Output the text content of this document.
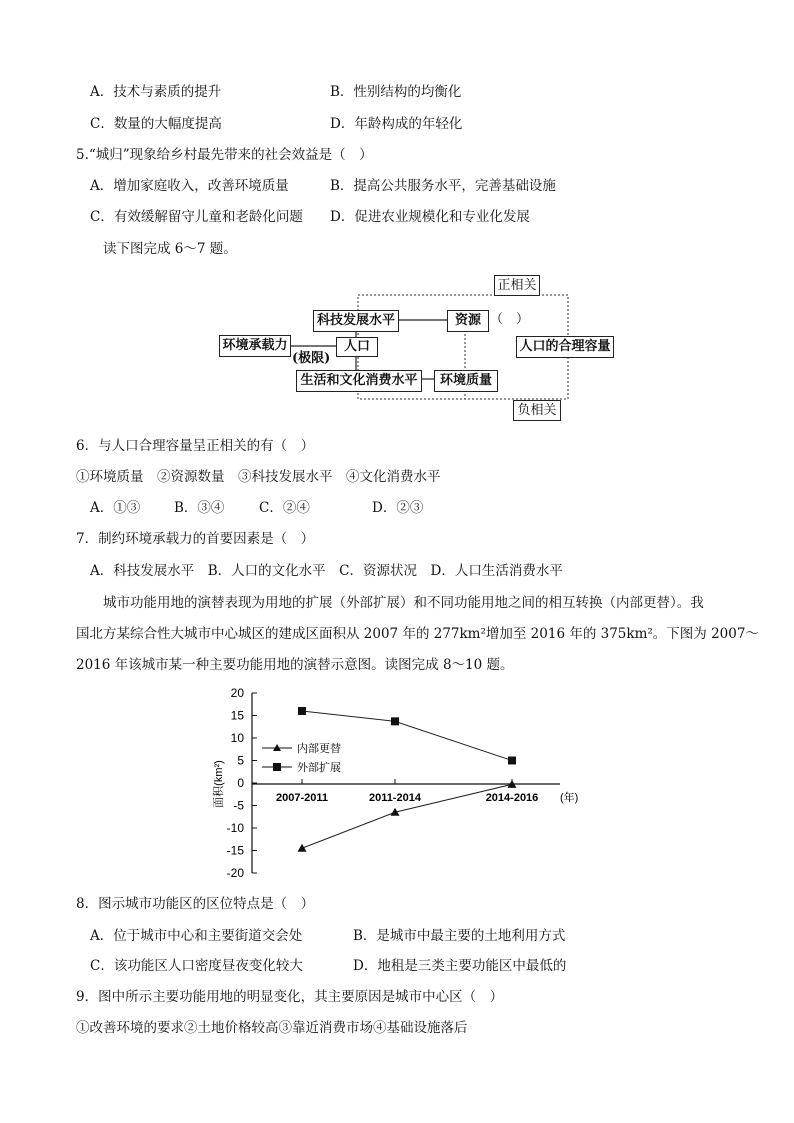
A．技术与素质的提升	B．性别结构的均衡化
C．数量的大幅度提高	D．年龄构成的年轻化
5.“城归”现象给乡村最先带来的社会效益是（　）
A．增加家庭收入，改善环境质量	B．提高公共服务水平，完善基础设施
C．有效缓解留守儿童和老龄化问题 D．促进农业规模化和专业化发展
读下图完成 6～7 题。
正相关
科技发展水平	资源 （　）
环境承载力	人口
(极限)
人口的合理容量
生活和文化消费水平	环境质量
负相关
6．与人口合理容量呈正相关的有（　）
①环境质量　②资源数量　③科技发展水平　④文化消费水平
A．①③	B．③④	C．②④	D．②③
7．制约环境承载力的首要因素是（　）
A．科技发展水平　B．人口的文化水平　C．资源状况　D．人口生活消费水平
城市功能用地的演替表现为用地的扩展（外部扩展）和不同功能用地之间的相互转换（内部更替）。我
国北方某综合性大城市中心城区的建成区面积从 2007 年的 277km²增加至 2016 年的 375km²。下图为 2007～
2016 年该城市某一种主要功能用地的演替示意图。读图完成 8～10 题。
20
15
10
5
0
-5
-10
-15
-20
2007-2011	2011-2014	2014-2016 (年)
面积(km²)
内部更替
外部扩展
8．图示城市功能区的区位特点是（　）
A．位于城市中心和主要街道交会处	B．是城市中最主要的土地利用方式
C．该功能区人口密度昼夜变化较大	D．地租是三类主要功能区中最低的
9．图中所示主要功能用地的明显变化，其主要原因是城市中心区（　）
①改善环境的要求②土地价格较高③靠近消费市场④基础设施落后
